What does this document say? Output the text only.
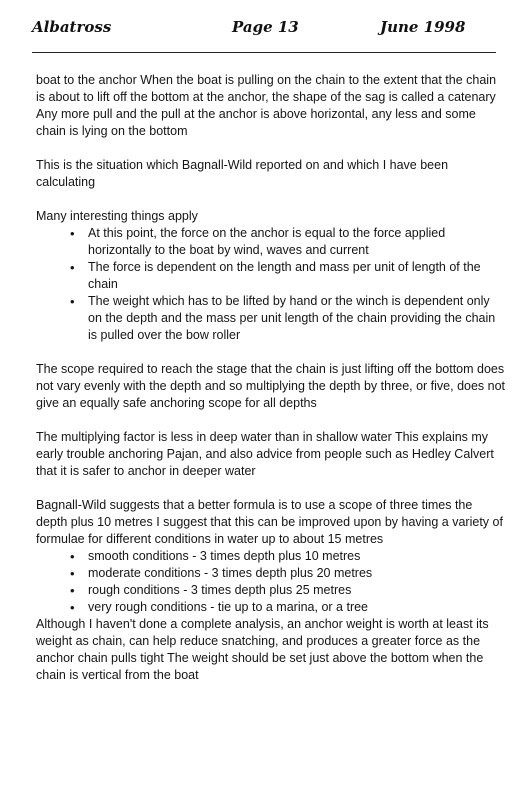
Albatross	Page 13	June 1998

boat to the anchor When the boat is pulling on the chain to the extent that the chain is about to lift off the bottom at the anchor, the shape of the sag is called a catenary Any more pull and the pull at the anchor is above horizontal, any less and some chain is lying on the bottom

This is the situation which Bagnall-Wild reported on and which I have been calculating

Many interesting things apply

• At this point, the force on the anchor is equal to the force applied horizontally to the boat by wind, waves and current
• The force is dependent on the length and mass per unit of length of the chain
• The weight which has to be lifted by hand or the winch is dependent only on the depth and the mass per unit length of the chain providing the chain is pulled over the bow roller

The scope required to reach the stage that the chain is just lifting off the bottom does not vary evenly with the depth and so multiplying the depth by three, or five, does not give an equally safe anchoring scope for all depths

The multiplying factor is less in deep water than in shallow water This explains my early trouble anchoring Pajan, and also advice from people such as Hedley Calvert that it is safer to anchor in deeper water

Bagnall-Wild suggests that a better formula is to use a scope of three times the depth plus 10 metres I suggest that this can be improved upon by having a variety of formulae for different conditions in water up to about 15 metres

• smooth conditions - 3 times depth plus 10 metres
• moderate conditions - 3 times depth plus 20 metres
• rough conditions - 3 times depth plus 25 metres
• very rough conditions - tie up to a marina, or a tree

Although I haven't done a complete analysis, an anchor weight is worth at least its weight as chain, can help reduce snatching, and produces a greater force as the anchor chain pulls tight The weight should be set just above the bottom when the chain is vertical from the boat
